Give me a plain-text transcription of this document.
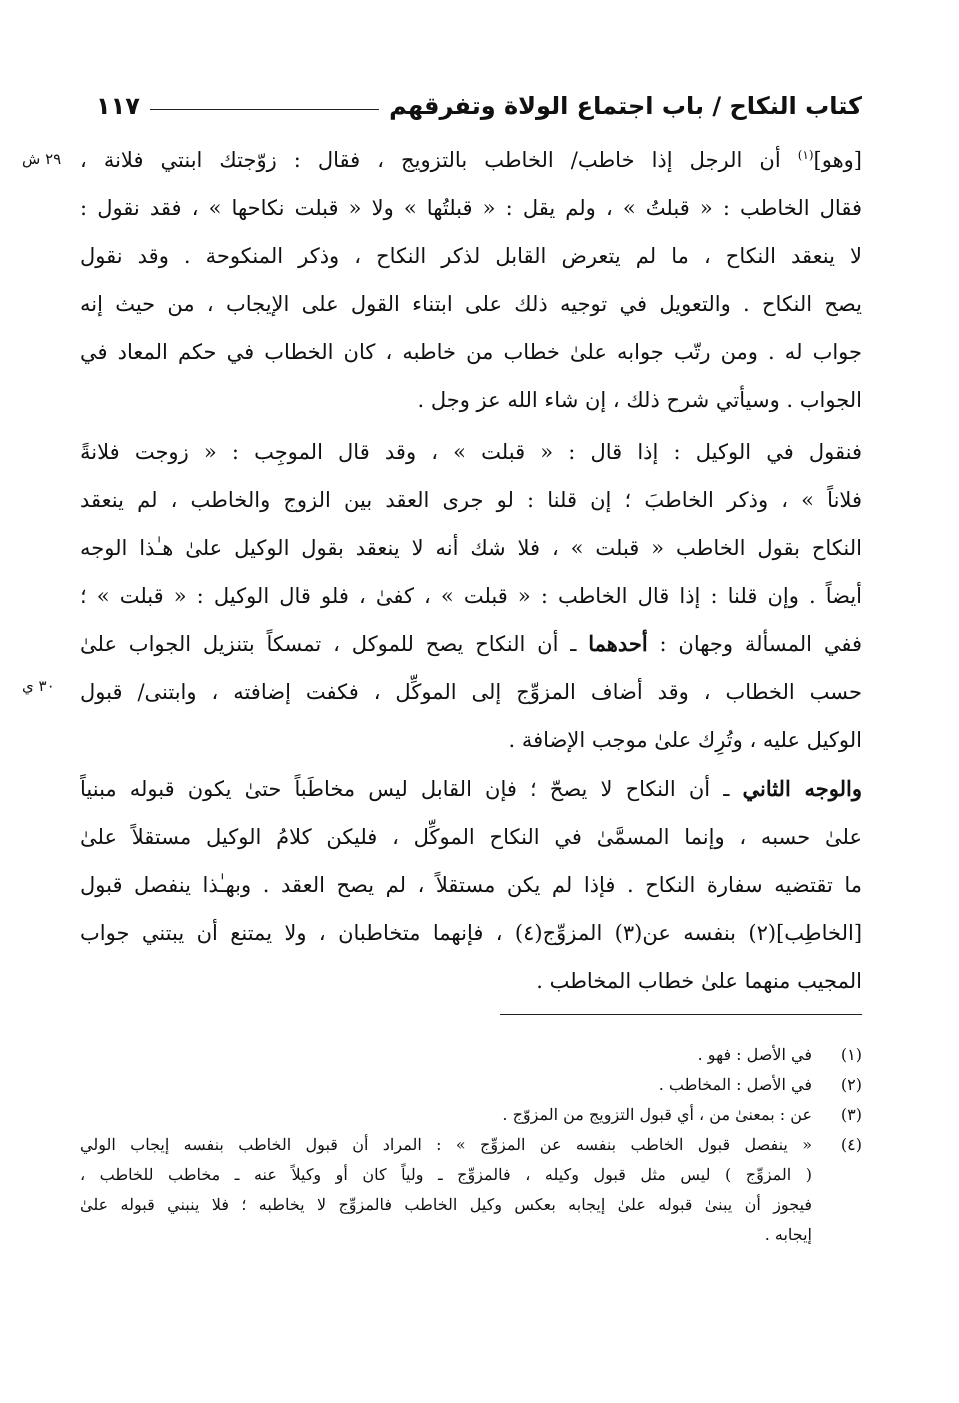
كتاب النكاح / باب اجتماع الولاة وتفرقهم
١١٧
٢٩ ش
٣٠ ي
[وهو]$^{(١)}$ أن الرجل إذا خاطب/ الخاطب بالتزويج ، فقال : زوّجتك ابنتي فلانة ،
فقال الخاطب : « قبلتُ » ، ولم يقل : « قبلتُها » ولا « قبلت نكاحها » ، فقد نقول :
لا ينعقد النكاح ، ما لم يتعرض القابل لذكر النكاح ، وذكر المنكوحة . وقد نقول
يصح النكاح . والتعويل في توجيه ذلك على ابتناء القول على الإيجاب ، من حيث إنه
جواب له . ومن رتّب جوابه علىٰ خطاب من خاطبه ، كان الخطاب في حكم المعاد في
الجواب . وسيأتي شرح ذلك ، إن شاء الله عز وجل .
فنقول في الوكيل : إذا قال : « قبلت » ، وقد قال الموجِب : « زوجت فلانةً
فلاناً » ، وذكر الخاطبَ ؛ إن قلنا : لو جرى العقد بين الزوج والخاطب ، لم ينعقد
النكاح بقول الخاطب « قبلت » ، فلا شك أنه لا ينعقد بقول الوكيل علىٰ هـٰذا الوجه
أيضاً . وإن قلنا : إذا قال الخاطب : « قبلت » ، كفىٰ ، فلو قال الوكيل : « قبلت » ؛
ففي المسألة وجهان : أحدهما ـ أن النكاح يصح للموكل ، تمسكاً بتنزيل الجواب علىٰ
حسب الخطاب ، وقد أضاف المزوِّج إلى الموكِّل ، فكفت إضافته ، وابتنى/ قبول
الوكيل عليه ، وتُرِك علىٰ موجب الإضافة .
والوجه الثاني ـ أن النكاح لا يصحّ ؛ فإن القابل ليس مخاطَباً حتىٰ يكون قبوله مبنياً
علىٰ حسبه ، وإنما المسمَّىٰ في النكاح الموكِّل ، فليكن كلامُ الوكيل مستقلاً علىٰ
ما تقتضيه سفارة النكاح . فإذا لم يكن مستقلاً ، لم يصح العقد . وبهـٰذا ينفصل قبول
[الخاطِب](٢) بنفسه عن(٣) المزوِّج(٤) ، فإنهما متخاطبان ، ولا يمتنع أن يبتني جواب
المجيب منهما علىٰ خطاب المخاطب .
(١)
في الأصل : فهو .
(٢)
في الأصل : المخاطب .
(٣)
عن : بمعنىٰ من ، أي قبول التزويج من المزوّج .
(٤)
« ينفصل قبول الخاطب بنفسه عن المزوِّج » : المراد أن قبول الخاطب بنفسه إيجاب الولي
( المزوِّج ) ليس مثل قبول وكيله ، فالمزوِّج ـ ولياً كان أو وكيلاً عنه ـ مخاطب للخاطب ،
فيجوز أن يبنىٰ قبوله علىٰ إيجابه بعكس وكيل الخاطب فالمزوِّج لا يخاطبه ؛ فلا ينبني قبوله علىٰ
إيجابه .
